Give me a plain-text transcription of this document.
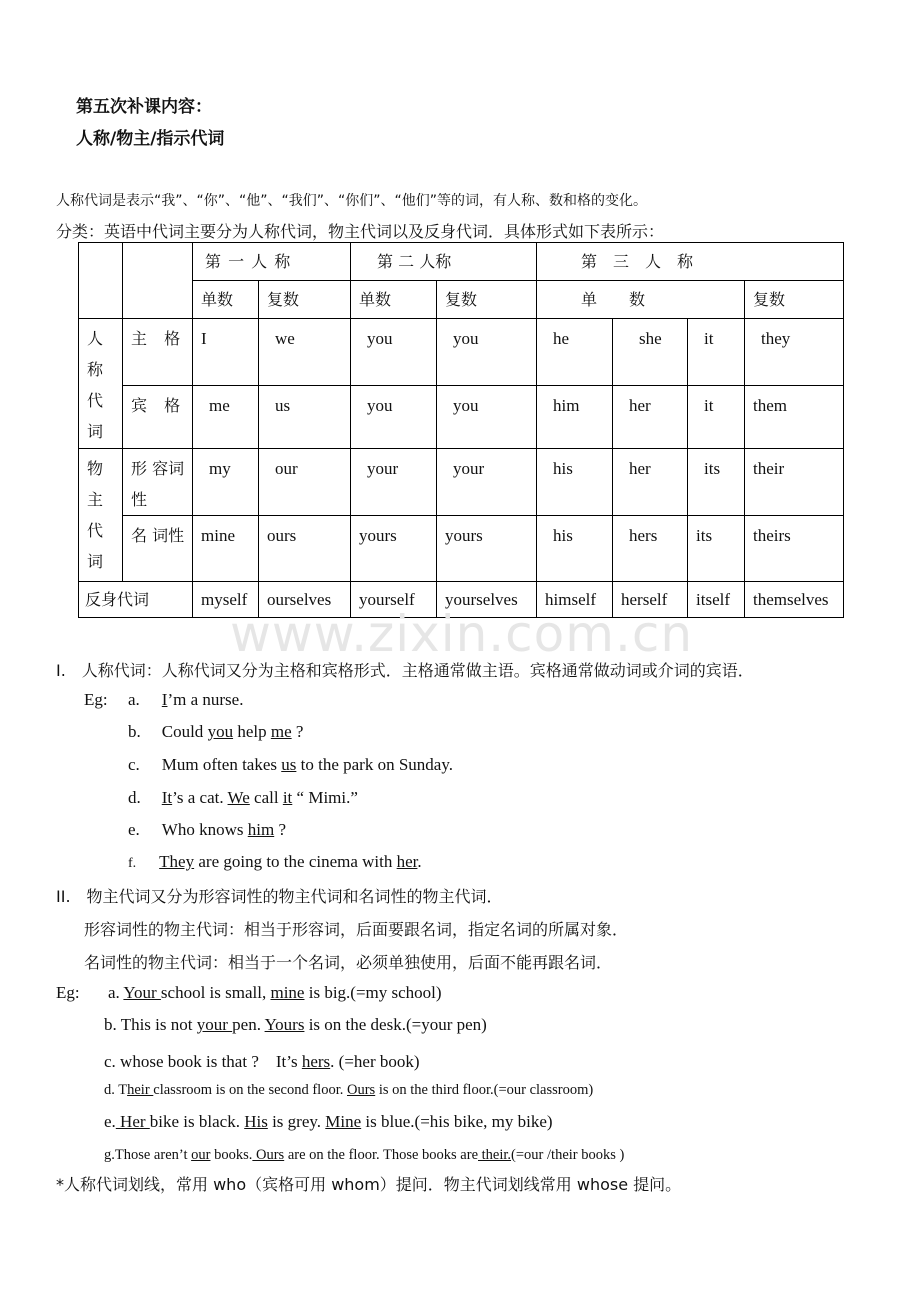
第五次补课内容：
人称/物主/指示代词
人称代词是表示“我”、“你”、“他”、“我们”、“你们”、“他们”等的词，有人称、数和格的变化。
分类：英语中代词主要分为人称代词，物主代词以及反身代词．具体形式如下表所示：
		第 一 人 称		第 二 人称		第　三　人　称			
		单数	复数	单数	复数	单　　数			复数
人称代词	主 格	I	we	you	you	he	she	it	they
	宾 格	me	us	you	you	him	her	it	them
物主代词	形 容词性	my	our	your	your	his	her	its	their
	名 词性	mine	ours	yours	yours	his	hers	its	theirs
反身代词		myself	ourselves	yourself	yourselves	himself	herself	itself	themselves
www.zixin.com.cn
I.　人称代词：人称代词又分为主格和宾格形式．主格通常做主语。宾格通常做动词或介词的宾语．
Eg: a. I’m a nurse.
b. Could you help me ?
c. Mum often takes us to the park on Sunday.
d. It’s a cat. We call it “ Mimi.”
e. Who knows him ?
f. They are going to the cinema with her.
II.　物主代词又分为形容词性的物主代词和名词性的物主代词．
形容词性的物主代词：相当于形容词，后面要跟名词，指定名词的所属对象．
名词性的物主代词：相当于一个名词，必须单独使用，后面不能再跟名词．
Eg: a. Your school is small, mine is big.(=my school)
b. This is not your pen. Yours is on the desk.(=your pen)
c. whose book is that ?　It’s hers. (=her book)
d. Their classroom is on the second floor. Ours is on the third floor.(=our classroom)
e. Her bike is black. His is grey. Mine is blue.(=his bike, my bike)
g.Those aren’t our books. Ours are on the floor. Those books are their.(=our /their books )
*人称代词划线，常用 who（宾格可用 whom）提问．物主代词划线常用 whose 提问。
